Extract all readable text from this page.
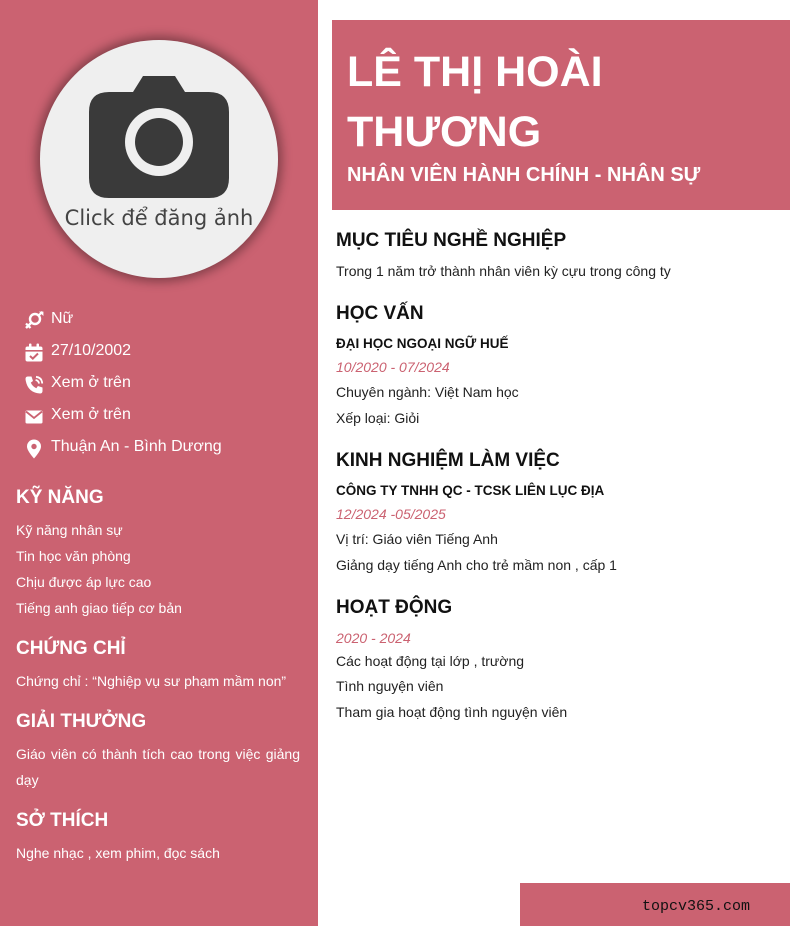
Click để đăng ảnh
Nữ
27/10/2002
Xem ở trên
Xem ở trên
Thuận An - Bình Dương
KỸ NĂNG
Kỹ năng nhân sự
Tin học văn phòng
Chịu được áp lực cao
Tiếng anh giao tiếp cơ bản
CHỨNG CHỈ
Chứng chỉ : “Nghiệp vụ sư phạm mầm non”
GIẢI THƯỞNG
Giáo viên có thành tích cao trong việc giảng dạy
SỞ THÍCH
Nghe nhạc , xem phim, đọc sách
LÊ THỊ HOÀI THƯƠNG
NHÂN VIÊN HÀNH CHÍNH - NHÂN SỰ
MỤC TIÊU NGHỀ NGHIỆP
Trong 1 năm trở thành nhân viên kỳ cựu trong công ty
HỌC VẤN
ĐẠI HỌC NGOẠI NGỮ HUẾ
10/2020 - 07/2024
Chuyên ngành: Việt Nam học
Xếp loại: Giỏi
KINH NGHIỆM LÀM VIỆC
CÔNG TY TNHH QC - TCSK LIÊN LỤC ĐỊA
12/2024 -05/2025
Vị trí: Giáo viên Tiếng Anh
Giảng dạy tiếng Anh cho trẻ mầm non , cấp 1
HOẠT ĐỘNG
2020 - 2024
Các hoạt động tại lớp , trường
Tình nguyện viên
Tham gia hoạt động tình nguyện viên
topcv365.com
